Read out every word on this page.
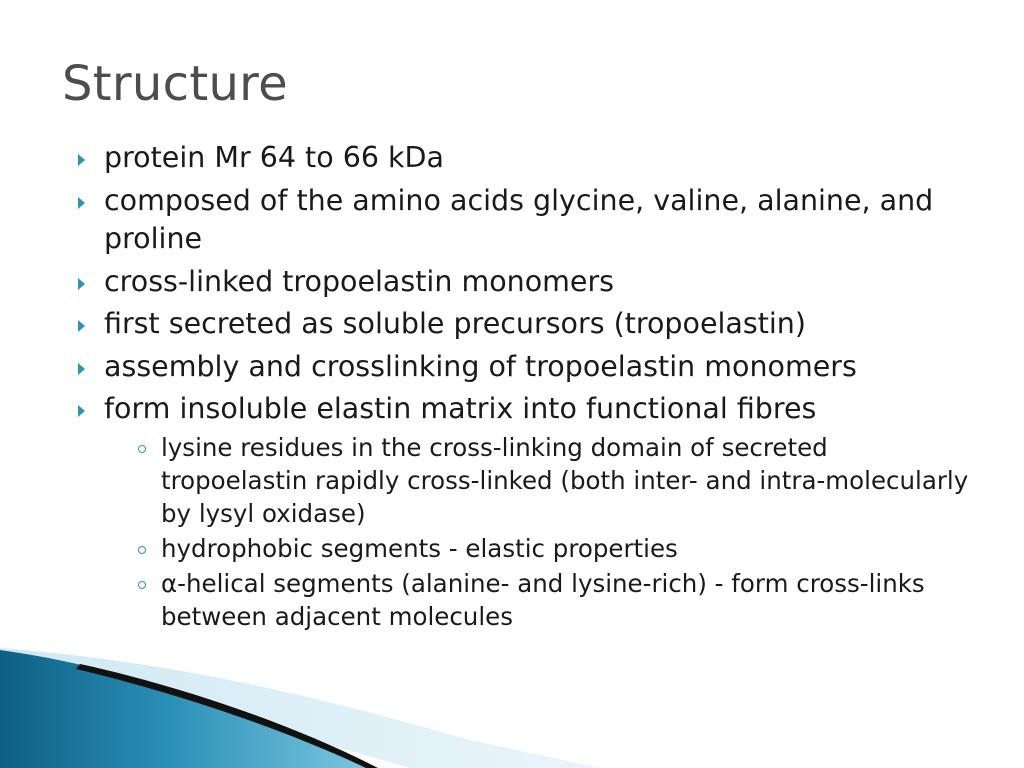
Structure
protein Mr 64 to 66 kDa
composed of the amino acids glycine, valine, alanine, and proline
cross-linked tropoelastin monomers
first secreted as soluble precursors (tropoelastin)
assembly and crosslinking of tropoelastin monomers
form insoluble elastin matrix into functional fibres
lysine residues in the cross-linking domain of secreted tropoelastin rapidly cross-linked (both inter- and intra-molecularly by lysyl oxidase)
hydrophobic segments - elastic properties
α-helical segments (alanine- and lysine-rich) - form cross-links between adjacent molecules
